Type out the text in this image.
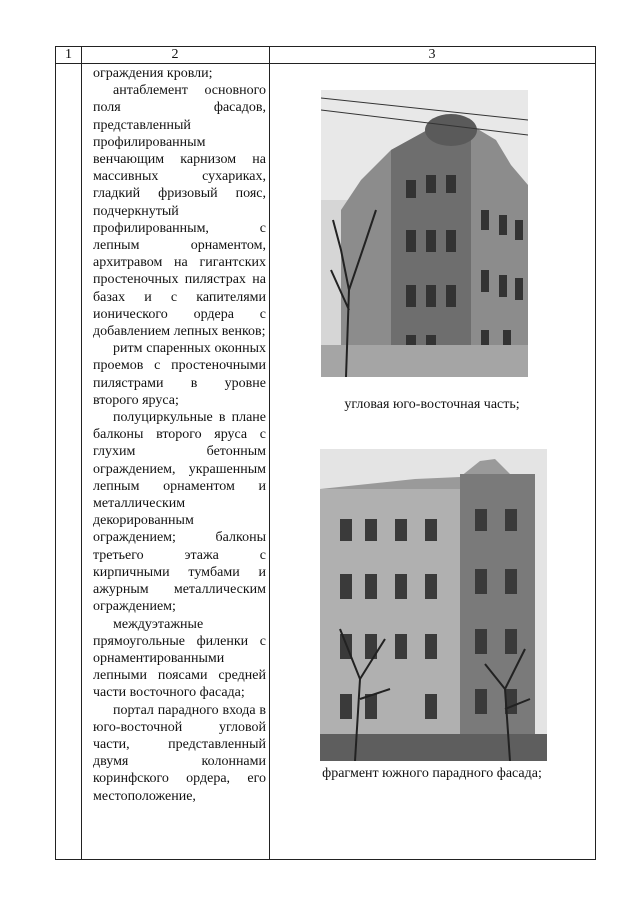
1	2	3

ограждения кровли;

антаблемент основного поля фасадов, представленный профилированным венчающим карнизом на массивных сухариках, гладкий фризовый пояс, подчеркнутый профилированным, с лепным орнаментом, архитравом на гигантских простеночных пилястрах на базах и с капителями ионического ордера с добавлением лепных венков;

ритм спаренных оконных проемов с простеночными пилястрами в уровне второго яруса;

полуциркульные в плане балконы второго яруса с глухим бетонным ограждением, украшенным лепным орнаментом и металлическим декорированным ограждением; балконы третьего этажа с кирпичными тумбами и ажурным металлическим ограждением;

междуэтажные прямоугольные филенки с орнаментированными лепными поясами средней части восточного фасада;

портал парадного входа в юго-восточной угловой части, представленный двумя колоннами коринфского ордера, его местоположение,

угловая юго-восточная часть;
фрагмент южного парадного фасада;
